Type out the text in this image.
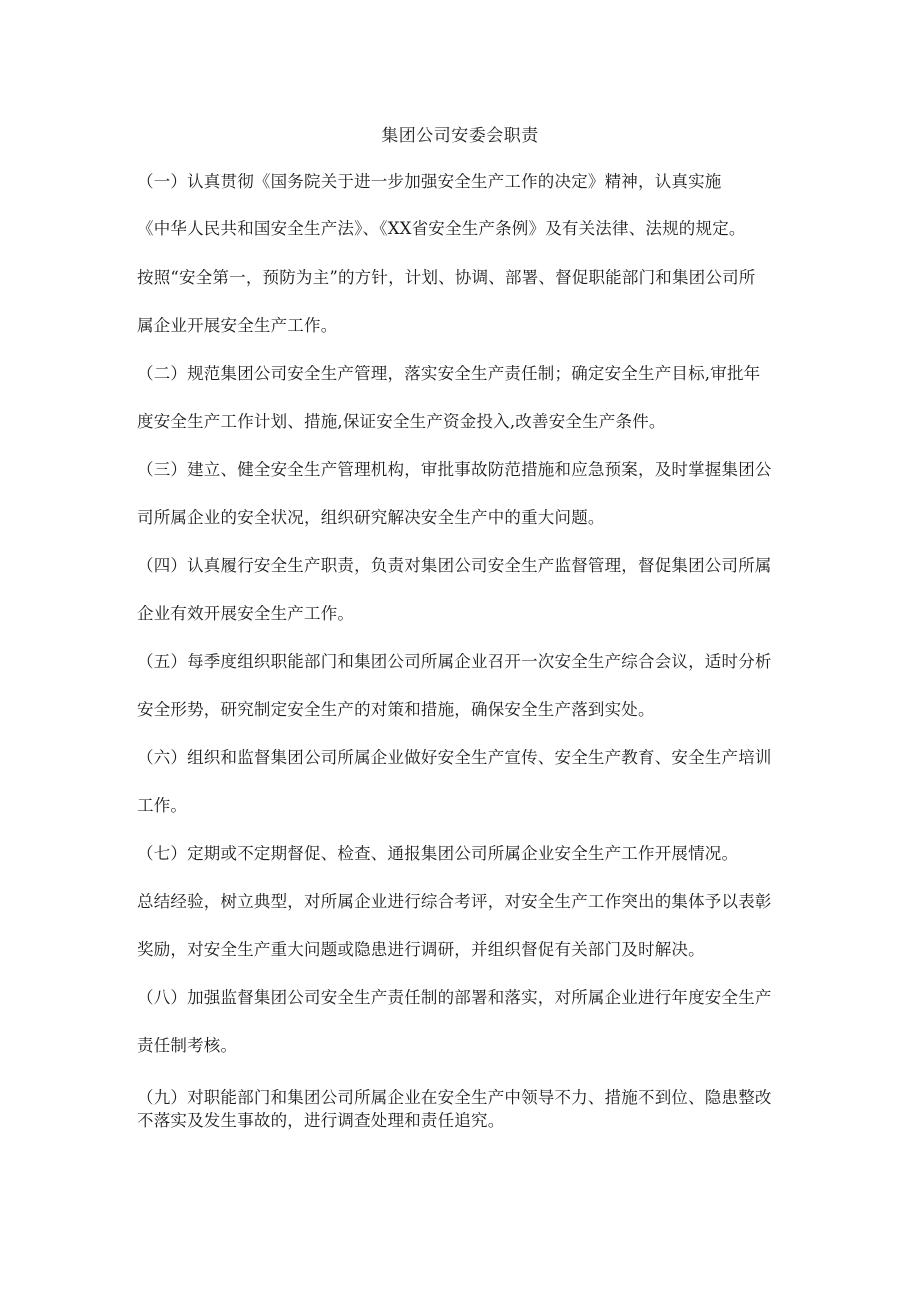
集团公司安委会职责
（一）认真贯彻《国务院关于进一步加强安全生产工作的决定》精神，认真实施
《中华人民共和国安全生产法》、《XX省安全生产条例》及有关法律、法规的规定。
按照“安全第一，预防为主”的方针，计划、协调、部署、督促职能部门和集团公司所
属企业开展安全生产工作。
（二）规范集团公司安全生产管理，落实安全生产责任制；确定安全生产目标,审批年
度安全生产工作计划、措施,保证安全生产资金投入,改善安全生产条件。
（三）建立、健全安全生产管理机构，审批事故防范措施和应急预案，及时掌握集团公
司所属企业的安全状况，组织研究解决安全生产中的重大问题。
（四）认真履行安全生产职责，负责对集团公司安全生产监督管理，督促集团公司所属
企业有效开展安全生产工作。
（五）每季度组织职能部门和集团公司所属企业召开一次安全生产综合会议，适时分析
安全形势，研究制定安全生产的对策和措施，确保安全生产落到实处。
（六）组织和监督集团公司所属企业做好安全生产宣传、安全生产教育、安全生产培训
工作。
（七）定期或不定期督促、检查、通报集团公司所属企业安全生产工作开展情况。
总结经验，树立典型，对所属企业进行综合考评，对安全生产工作突出的集体予以表彰
奖励，对安全生产重大问题或隐患进行调研，并组织督促有关部门及时解决。
（八）加强监督集团公司安全生产责任制的部署和落实，对所属企业进行年度安全生产
责任制考核。
（九）对职能部门和集团公司所属企业在安全生产中领导不力、措施不到位、隐患整改
不落实及发生事故的，进行调查处理和责任追究。
